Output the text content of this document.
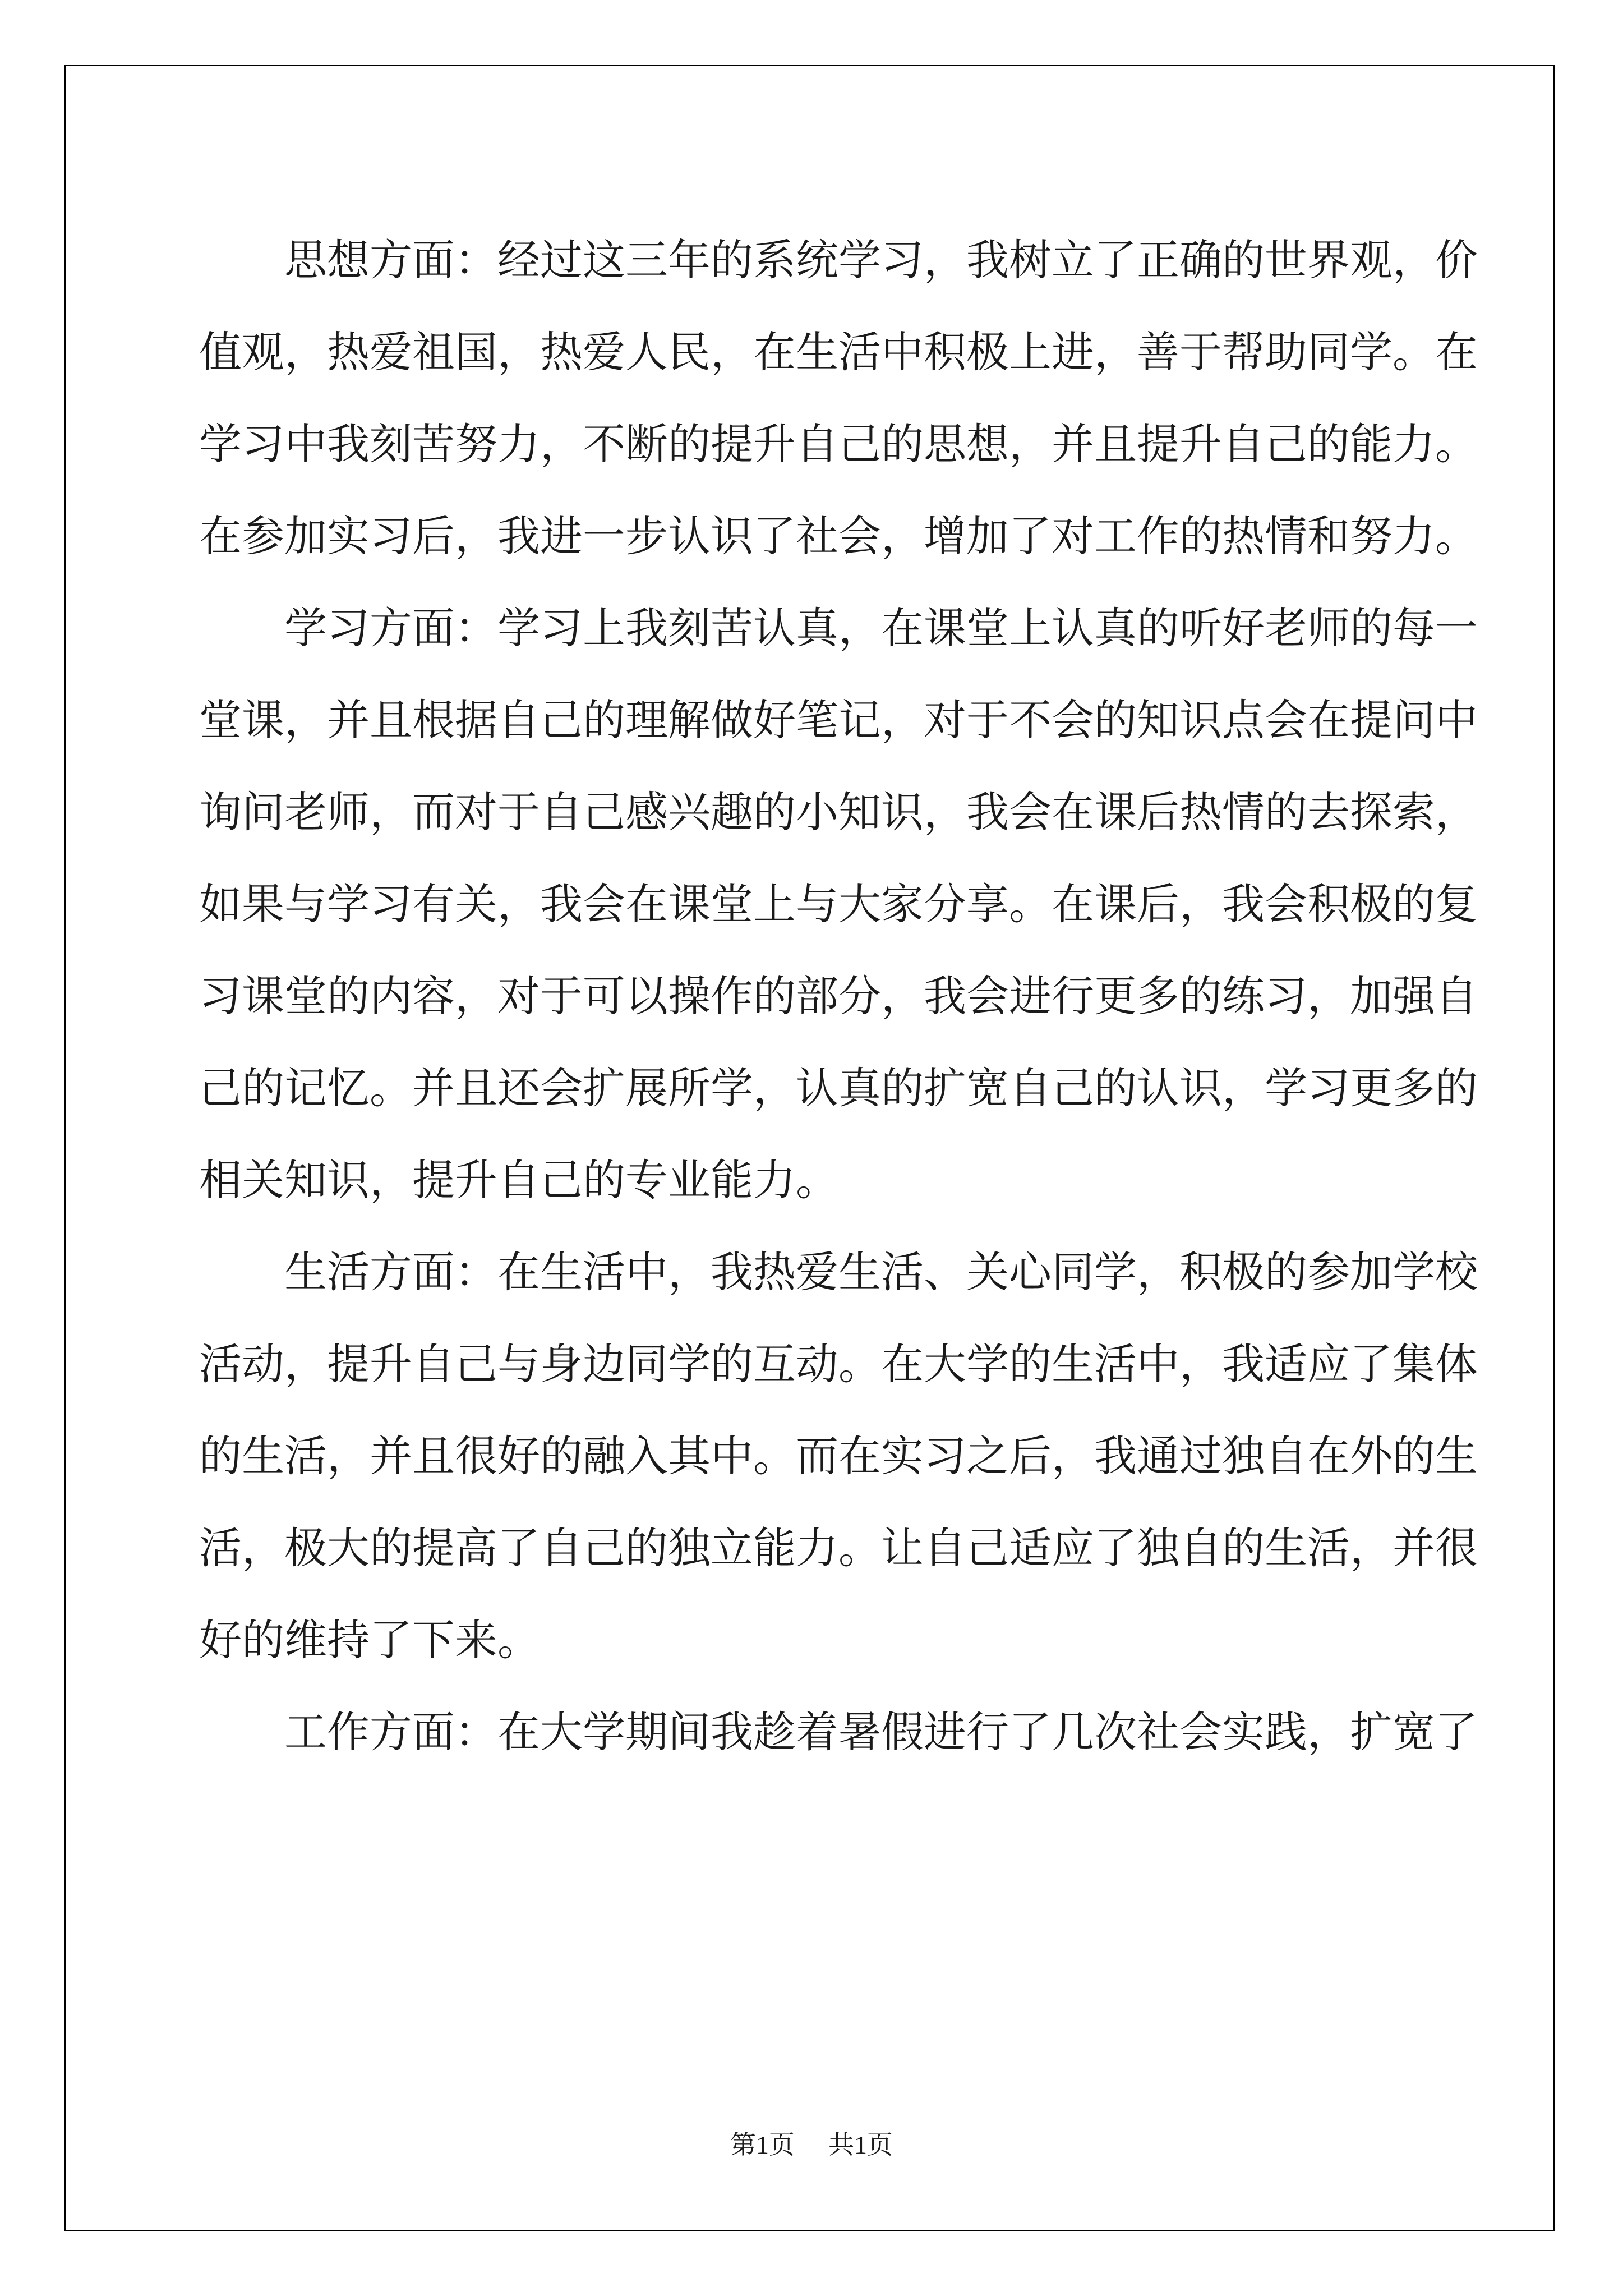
思想方面：经过这三年的系统学习，我树立了正确的世界观，价
值观，热爱祖国，热爱人民，在生活中积极上进，善于帮助同学。在
学习中我刻苦努力，不断的提升自己的思想，并且提升自己的能力。
在参加实习后，我进一步认识了社会，增加了对工作的热情和努力。

学习方面：学习上我刻苦认真，在课堂上认真的听好老师的每一
堂课，并且根据自己的理解做好笔记，对于不会的知识点会在提问中
询问老师，而对于自己感兴趣的小知识，我会在课后热情的去探索，
如果与学习有关，我会在课堂上与大家分享。在课后，我会积极的复
习课堂的内容，对于可以操作的部分，我会进行更多的练习，加强自
己的记忆。并且还会扩展所学，认真的扩宽自己的认识，学习更多的
相关知识，提升自己的专业能力。

生活方面：在生活中，我热爱生活、关心同学，积极的参加学校
活动，提升自己与身边同学的互动。在大学的生活中，我适应了集体
的生活，并且很好的融入其中。而在实习之后，我通过独自在外的生
活，极大的提高了自己的独立能力。让自己适应了独自的生活，并很
好的维持了下来。

工作方面：在大学期间我趁着暑假进行了几次社会实践，扩宽了

第1页 共1页
